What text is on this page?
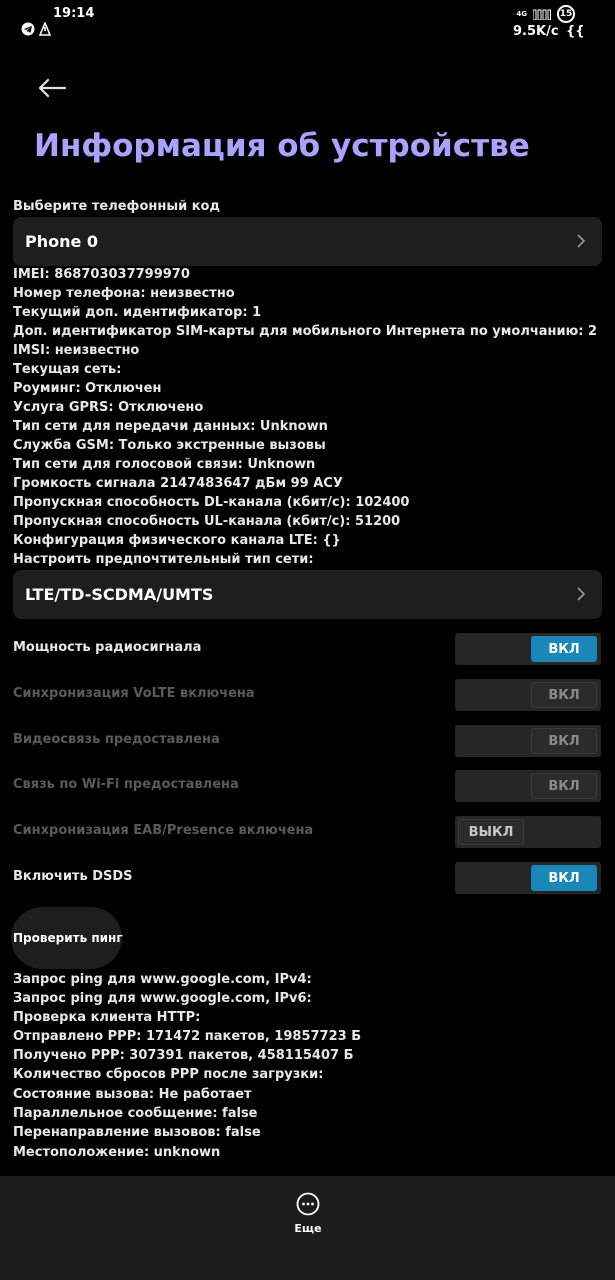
19:14	4G	15
9.5K/c {{
Информация об устройстве
Выберите телефонный код
Phone 0
IMEI: 868703037799970
Номер телефона: неизвестно
Текущий доп. идентификатор: 1
Доп. идентификатор SIM-карты для мобильного Интернета по умолчанию: 2
IMSI: неизвестно
Текущая сеть:
Роуминг: Отключен
Услуга GPRS: Отключено
Тип сети для передачи данных: Unknown
Служба GSM: Только экстренные вызовы
Тип сети для голосовой связи: Unknown
Громкость сигнала 2147483647 дБм 99 АСУ
Пропускная способность DL-канала (кбит/с): 102400
Пропускная способность UL-канала (кбит/с): 51200
Конфигурация физического канала LTE: {}
Настроить предпочтительный тип сети:
LTE/TD-SCDMA/UMTS
Мощность радиосигнала	ВКЛ
Синхронизация VoLTE включена	ВКЛ
Видеосвязь предоставлена	ВКЛ
Связь по Wi-Fi предоставлена	ВКЛ
Синхронизация EAB/Presence включена	ВЫКЛ
Включить DSDS	ВКЛ
Проверить пинг
Запрос ping для www.google.com, IPv4:
Запрос ping для www.google.com, IPv6:
Проверка клиента HTTP:
Отправлено PPP: 171472 пакетов, 19857723 Б
Получено PPP: 307391 пакетов, 458115407 Б
Количество сбросов PPP после загрузки:
Состояние вызова: Не работает
Параллельное сообщение: false
Перенаправление вызовов: false
Местоположение: unknown
Еще
